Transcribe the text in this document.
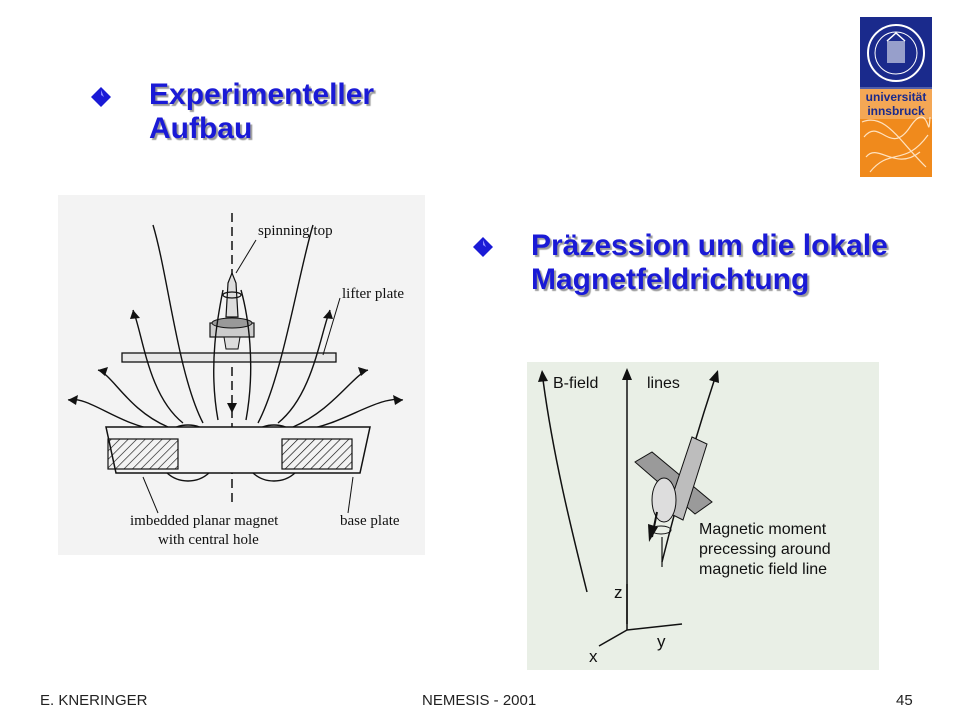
Experimenteller Aufbau

Präzession um die lokale Magnetfeldrichtung

universität
innsbruck
spinning top
lifter plate
imbedded planar magnet
with central hole
base plate
B-field	lines
Magnetic moment
precessing around
magnetic field line
z
y
x
E. KNERINGER	NEMESIS - 2001	45
